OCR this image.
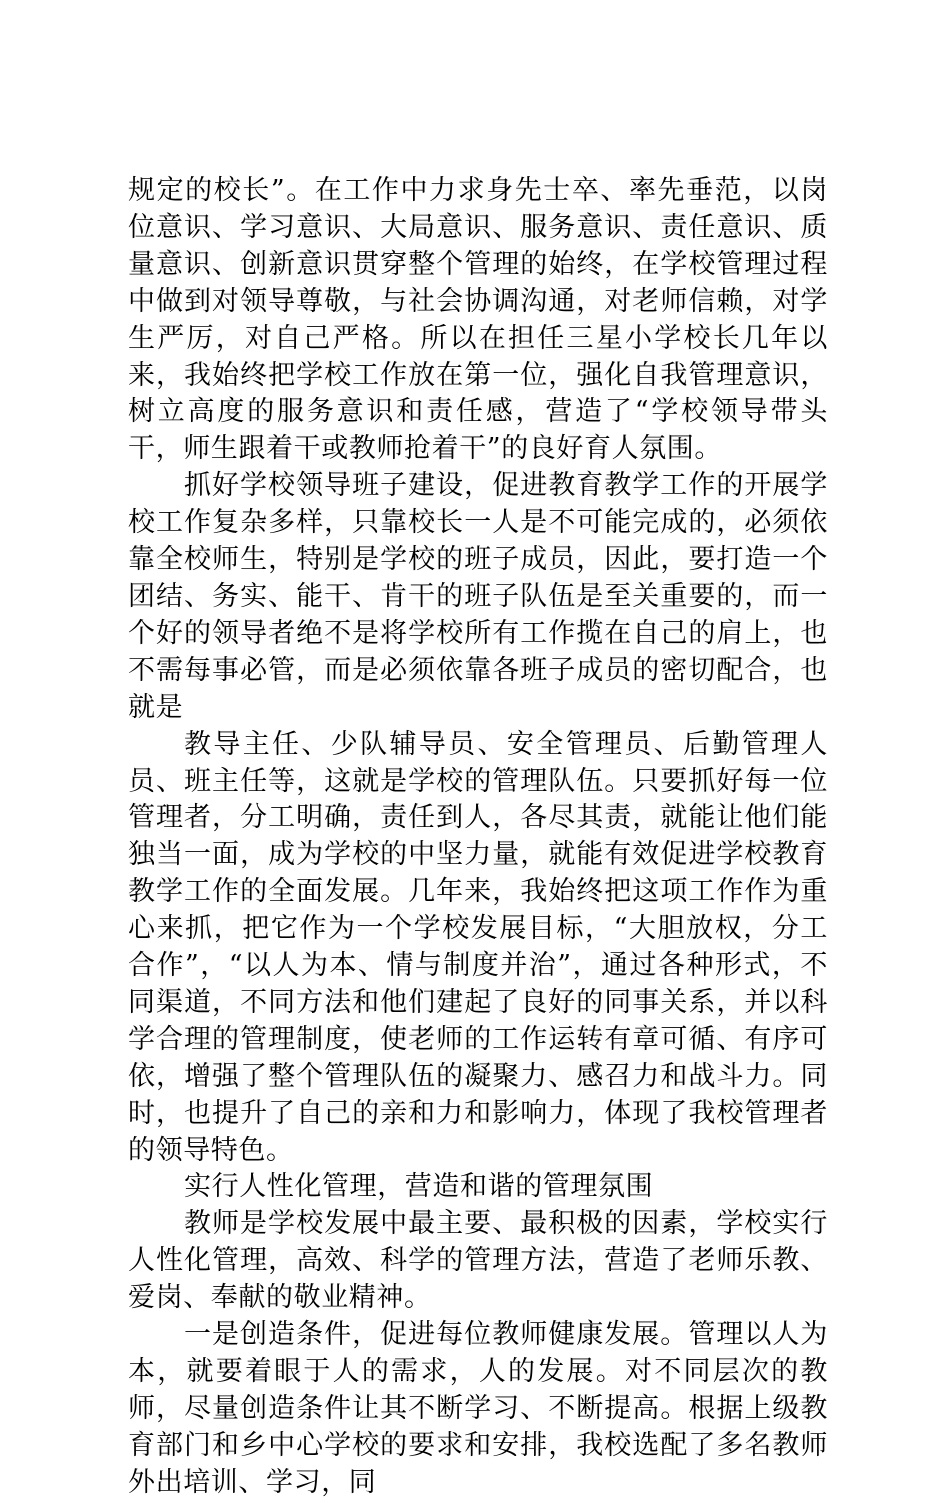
规定的校长”。在工作中力求身先士卒、率先垂范，以岗位意识、学习意识、大局意识、服务意识、责任意识、质量意识、创新意识贯穿整个管理的始终，在学校管理过程中做到对领导尊敬，与社会协调沟通，对老师信赖，对学生严厉，对自己严格。所以在担任三星小学校长几年以来，我始终把学校工作放在第一位，强化自我管理意识，树立高度的服务意识和责任感，营造了“学校领导带头干，师生跟着干或教师抢着干”的良好育人氛围。

抓好学校领导班子建设，促进教育教学工作的开展学校工作复杂多样，只靠校长一人是不可能完成的，必须依靠全校师生，特别是学校的班子成员，因此，要打造一个团结、务实、能干、肯干的班子队伍是至关重要的，而一个好的领导者绝不是将学校所有工作揽在自己的肩上，也不需每事必管，而是必须依靠各班子成员的密切配合，也就是

教导主任、少队辅导员、安全管理员、后勤管理人员、班主任等，这就是学校的管理队伍。只要抓好每一位管理者，分工明确，责任到人，各尽其责，就能让他们能独当一面，成为学校的中坚力量，就能有效促进学校教育教学工作的全面发展。几年来，我始终把这项工作作为重心来抓，把它作为一个学校发展目标，“大胆放权，分工合作”，“以人为本、情与制度并治”，通过各种形式，不同渠道，不同方法和他们建起了良好的同事关系，并以科学合理的管理制度，使老师的工作运转有章可循、有序可依，增强了整个管理队伍的凝聚力、感召力和战斗力。同时，也提升了自己的亲和力和影响力，体现了我校管理者的领导特色。

实行人性化管理，营造和谐的管理氛围

教师是学校发展中最主要、最积极的因素，学校实行人性化管理，高效、科学的管理方法，营造了老师乐教、爱岗、奉献的敬业精神。

一是创造条件，促进每位教师健康发展。管理以人为本，就要着眼于人的需求，人的发展。对不同层次的教师，尽量创造条件让其不断学习、不断提高。根据上级教育部门和乡中心学校的要求和安排，我校选配了多名教师外出培训、学习，同
